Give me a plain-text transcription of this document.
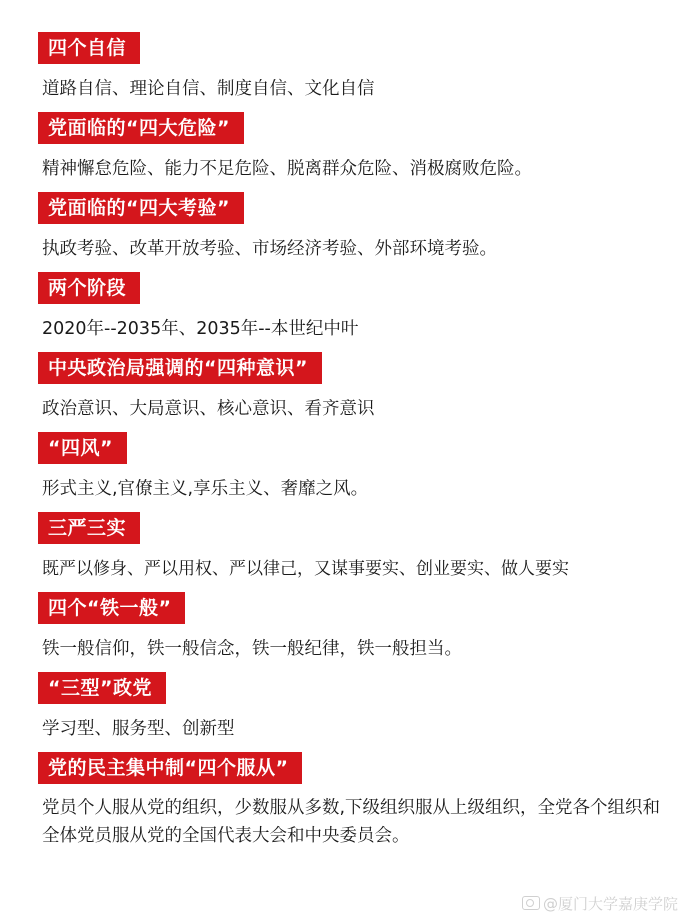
四个自信
道路自信、理论自信、制度自信、文化自信
党面临的“四大危险”
精神懈怠危险、能力不足危险、脱离群众危险、消极腐败危险。
党面临的“四大考验”
执政考验、改革开放考验、市场经济考验、外部环境考验。
两个阶段
2020年--2035年、2035年--本世纪中叶
中央政治局强调的“四种意识”
政治意识、大局意识、核心意识、看齐意识
“四风”
形式主义,官僚主义,享乐主义、奢靡之风。
三严三实
既严以修身、严以用权、严以律己，又谋事要实、创业要实、做人要实
四个“铁一般”
铁一般信仰，铁一般信念，铁一般纪律，铁一般担当。
“三型”政党
学习型、服务型、创新型
党的民主集中制“四个服从”
党员个人服从党的组织，少数服从多数,下级组织服从上级组织，全党各个组织和全体党员服从党的全国代表大会和中央委员会。
@厦门大学嘉庚学院
